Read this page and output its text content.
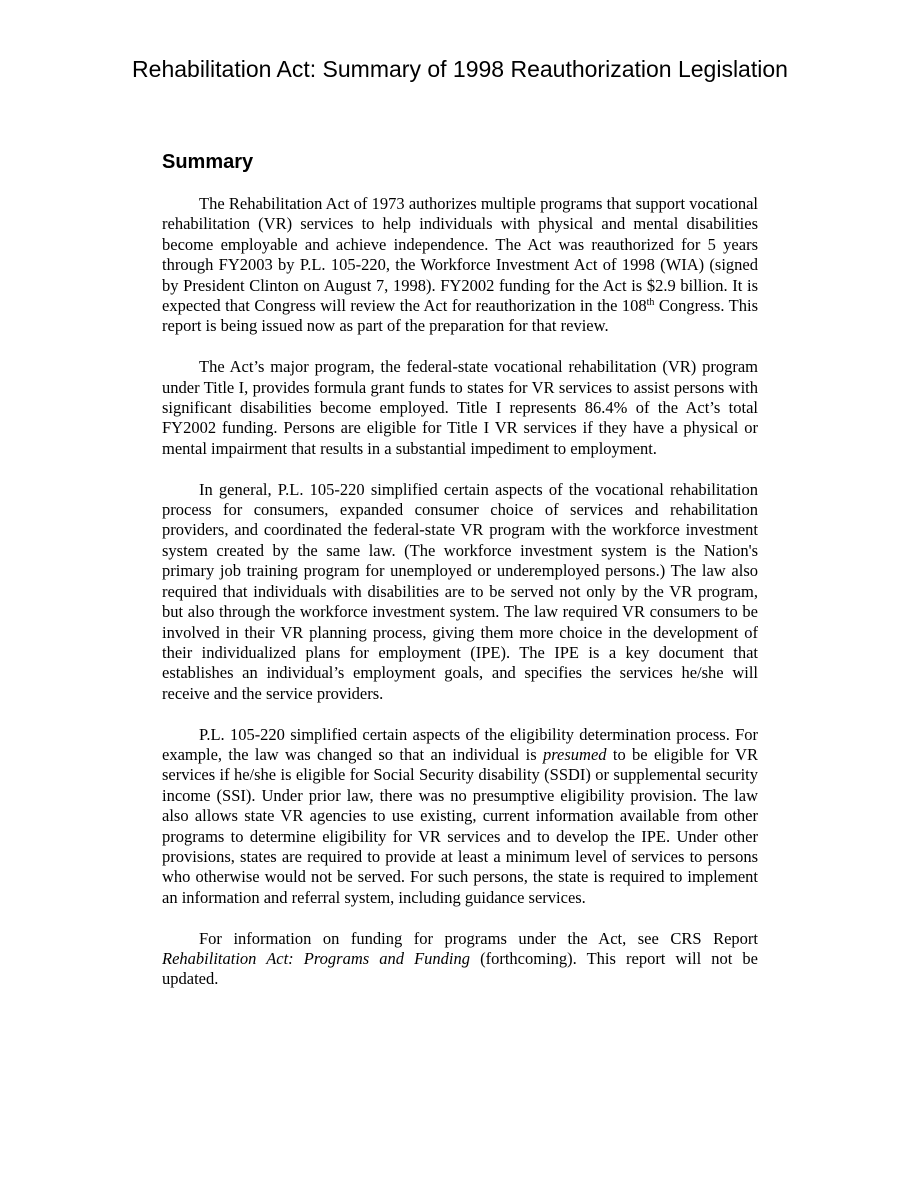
Rehabilitation Act: Summary of 1998 Reauthorization Legislation
Summary

The Rehabilitation Act of 1973 authorizes multiple programs that support vocational rehabilitation (VR) services to help individuals with physical and mental disabilities become employable and achieve independence. The Act was reauthorized for 5 years through FY2003 by P.L. 105-220, the Workforce Investment Act of 1998 (WIA) (signed by President Clinton on August 7, 1998). FY2002 funding for the Act is $2.9 billion. It is expected that Congress will review the Act for reauthorization in the 108th Congress. This report is being issued now as part of the preparation for that review.

The Act’s major program, the federal-state vocational rehabilitation (VR) program under Title I, provides formula grant funds to states for VR services to assist persons with significant disabilities become employed. Title I represents 86.4% of the Act’s total FY2002 funding. Persons are eligible for Title I VR services if they have a physical or mental impairment that results in a substantial impediment to employment.

In general, P.L. 105-220 simplified certain aspects of the vocational rehabilitation process for consumers, expanded consumer choice of services and rehabilitation providers, and coordinated the federal-state VR program with the workforce investment system created by the same law. (The workforce investment system is the Nation's primary job training program for unemployed or underemployed persons.) The law also required that individuals with disabilities are to be served not only by the VR program, but also through the workforce investment system. The law required VR consumers to be involved in their VR planning process, giving them more choice in the development of their individualized plans for employment (IPE). The IPE is a key document that establishes an individual’s employment goals, and specifies the services he/she will receive and the service providers.

P.L. 105-220 simplified certain aspects of the eligibility determination process. For example, the law was changed so that an individual is presumed to be eligible for VR services if he/she is eligible for Social Security disability (SSDI) or supplemental security income (SSI). Under prior law, there was no presumptive eligibility provision. The law also allows state VR agencies to use existing, current information available from other programs to determine eligibility for VR services and to develop the IPE. Under other provisions, states are required to provide at least a minimum level of services to persons who otherwise would not be served. For such persons, the state is required to implement an information and referral system, including guidance services.

For information on funding for programs under the Act, see CRS Report Rehabilitation Act: Programs and Funding (forthcoming). This report will not be updated.
